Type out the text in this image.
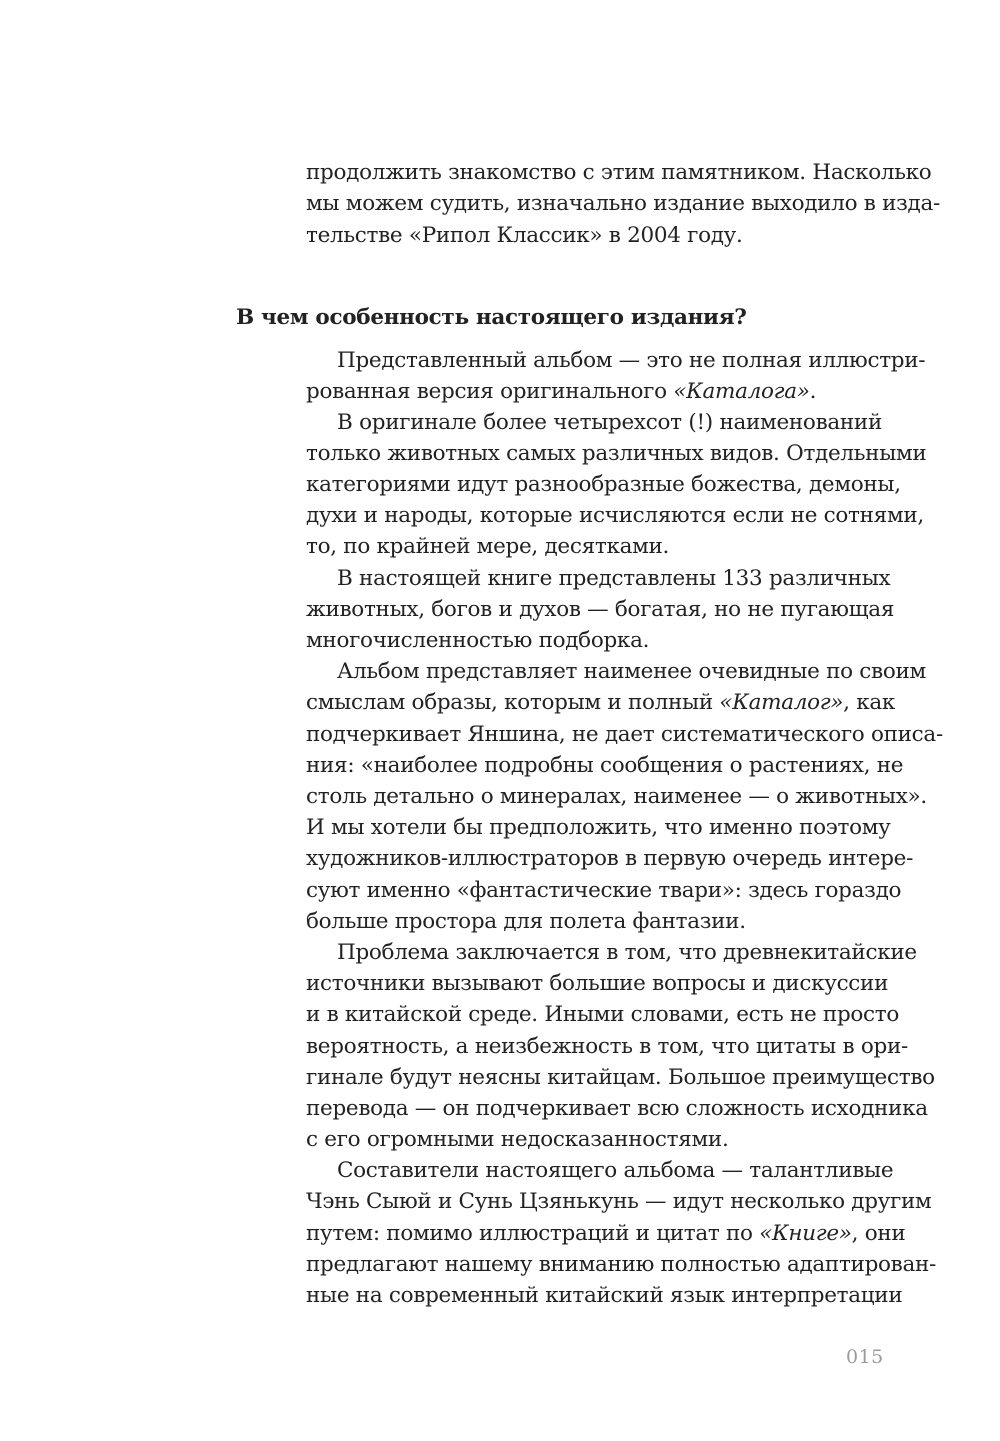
продолжить знакомство с этим памятником. Насколько
мы можем судить, изначально издание выходило в изда-
тельстве «Рипол Классик» в 2004 году.
В чем особенность настоящего издания?
Представленный альбом — это не полная иллюстри-
рованная версия оригинального «Каталога».
В оригинале более четырехсот (!) наименований
только животных самых различных видов. Отдельными
категориями идут разнообразные божества, демоны,
духи и народы, которые исчисляются если не сотнями,
то, по крайней мере, десятками.
В настоящей книге представлены 133 различных
животных, богов и духов — богатая, но не пугающая
многочисленностью подборка.
Альбом представляет наименее очевидные по своим
смыслам образы, которым и полный «Каталог», как
подчеркивает Яншина, не дает систематического описа-
ния: «наиболее подробны сообщения о растениях, не
столь детально о минералах, наименее — о животных».
И мы хотели бы предположить, что именно поэтому
художников-иллюстраторов в первую очередь интере-
суют именно «фантастические твари»: здесь гораздо
больше простора для полета фантазии.
Проблема заключается в том, что древнекитайские
источники вызывают большие вопросы и дискуссии
и в китайской среде. Иными словами, есть не просто
вероятность, а неизбежность в том, что цитаты в ори-
гинале будут неясны китайцам. Большое преимущество
перевода — он подчеркивает всю сложность исходника
с его огромными недосказанностями.
Составители настоящего альбома — талантливые
Чэнь Сыюй и Сунь Цзянькунь — идут несколько другим
путем: помимо иллюстраций и цитат по «Книге», они
предлагают нашему вниманию полностью адаптирован-
ные на современный китайский язык интерпретации
015
